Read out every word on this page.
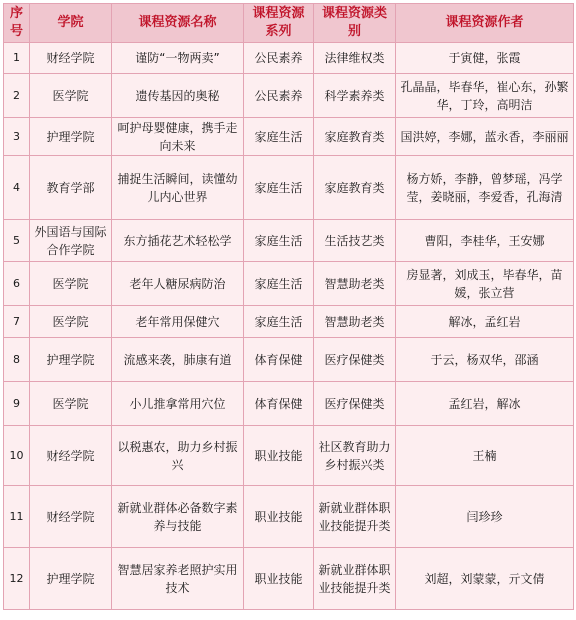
序号	学院	课程资源名称	课程资源系列	课程资源类别	课程资源作者
1	财经学院	谨防“一物两卖”	公民素养	法律维权类	于寅健，张霞
2	医学院	遗传基因的奥秘	公民素养	科学素养类	孔晶晶，毕春华，崔心东，孙繁华，丁玲，高明洁
3	护理学院	呵护母婴健康，携手走向未来	家庭生活	家庭教育类	国洪婷，李娜，蓝永香，李丽丽
4	教育学部	捕捉生活瞬间，读懂幼儿内心世界	家庭生活	家庭教育类	杨方娇，李静，曾梦瑶，冯学莹，姜晓丽，李爱香，孔海清
5	外国语与国际合作学院	东方插花艺术轻松学	家庭生活	生活技艺类	曹阳，李桂华，王安娜
6	医学院	老年人糖尿病防治	家庭生活	智慧助老类	房显著，刘成玉，毕春华，苗媛，张立营
7	医学院	老年常用保健穴	家庭生活	智慧助老类	解冰，孟红岩
8	护理学院	流感来袭，肺康有道	体育保健	医疗保健类	于云，杨双华，邵涵
9	医学院	小儿推拿常用穴位	体育保健	医疗保健类	孟红岩，解冰
10	财经学院	以税惠农，助力乡村振兴	职业技能	社区教育助力乡村振兴类	王楠
11	财经学院	新就业群体必备数字素养与技能	职业技能	新就业群体职业技能提升类	闫珍珍
12	护理学院	智慧居家养老照护实用技术	职业技能	新就业群体职业技能提升类	刘超，刘蒙蒙，亓文倩
